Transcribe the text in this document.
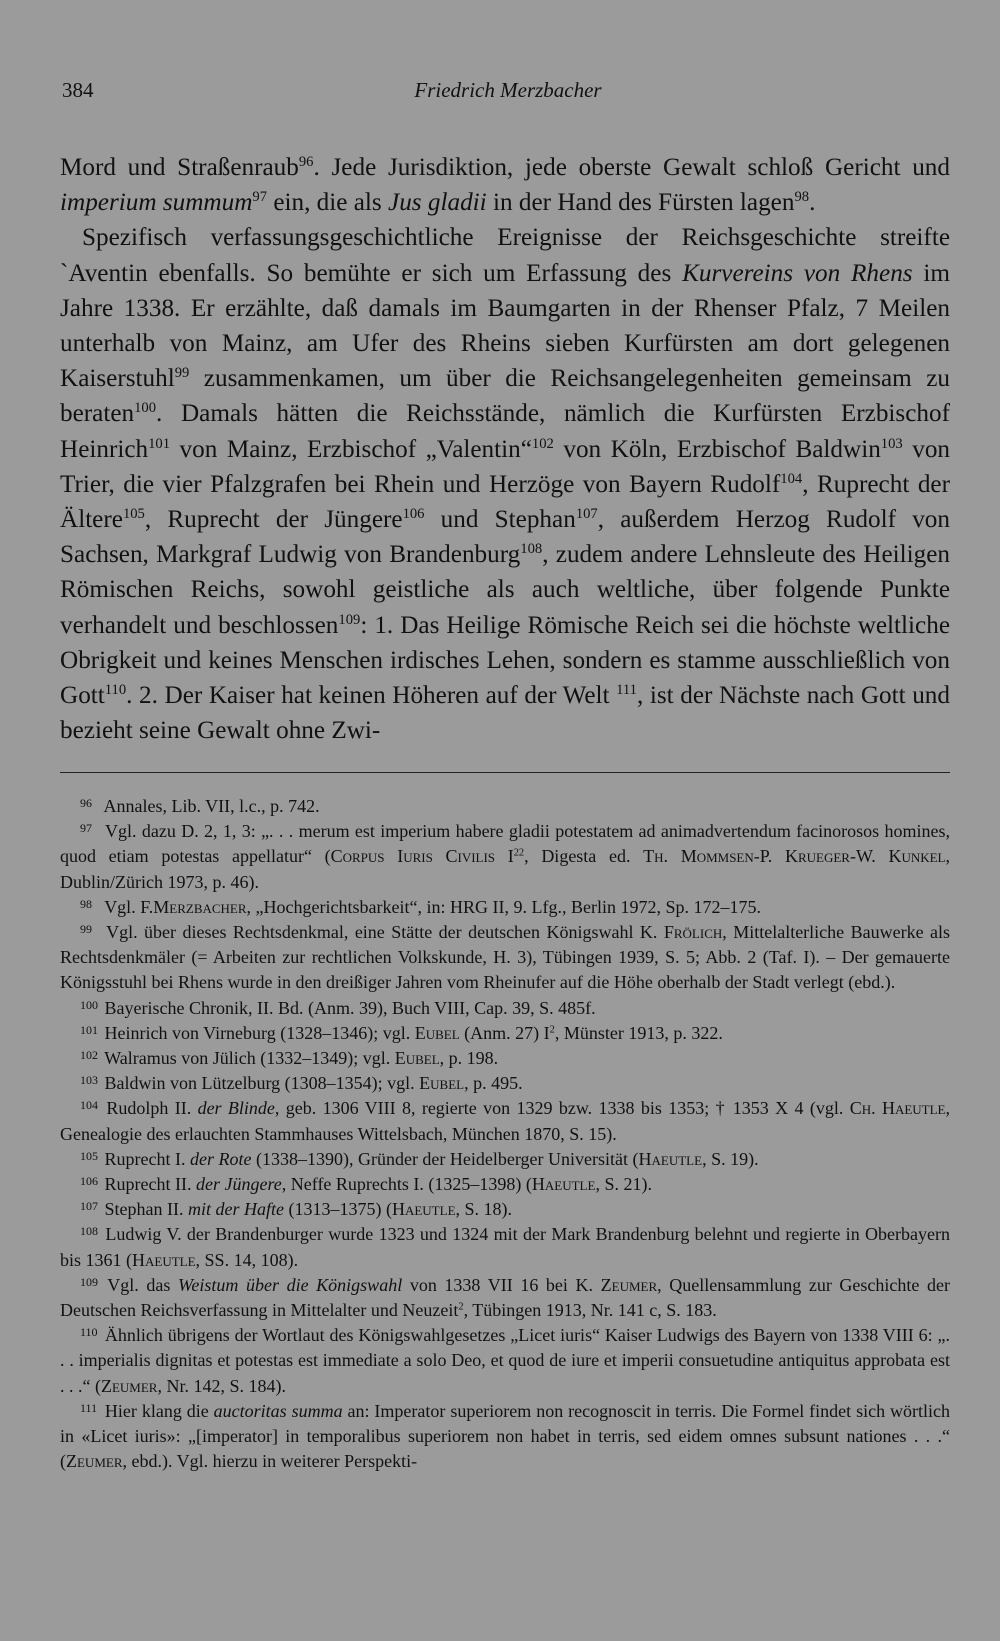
384	Friedrich Merzbacher

Mord und Straßenraub$^{96}$. Jede Jurisdiktion, jede oberste Gewalt schloß Gericht und imperium summum$^{97}$ ein, die als Jus gladii in der Hand des Fürsten lagen$^{98}$.

Spezifisch verfassungsgeschichtliche Ereignisse der Reichsgeschichte streifte `Aventin ebenfalls. So bemühte er sich um Erfassung des Kurvereins von Rhens im Jahre 1338. Er erzählte, daß damals im Baumgarten in der Rhenser Pfalz, 7 Meilen unterhalb von Mainz, am Ufer des Rheins sieben Kurfürsten am dort gelegenen Kaiserstuhl$^{99}$ zusammenkamen, um über die Reichsangelegenheiten gemeinsam zu beraten$^{100}$. Damals hätten die Reichsstände, nämlich die Kurfürsten Erzbischof Heinrich$^{101}$ von Mainz, Erzbischof „Valentin“$^{102}$ von Köln, Erzbischof Baldwin$^{103}$ von Trier, die vier Pfalzgrafen bei Rhein und Herzöge von Bayern Rudolf$^{104}$, Ruprecht der Ältere$^{105}$, Ruprecht der Jüngere$^{106}$ und Stephan$^{107}$, außerdem Herzog Rudolf von Sachsen, Markgraf Ludwig von Brandenburg$^{108}$, zudem andere Lehnsleute des Heiligen Römischen Reichs, sowohl geistliche als auch weltliche, über folgende Punkte verhandelt und beschlossen$^{109}$: 1. Das Heilige Römische Reich sei die höchste weltliche Obrigkeit und keines Menschen irdisches Lehen, sondern es stamme ausschließlich von Gott$^{110}$. 2. Der Kaiser hat keinen Höheren auf der Welt $^{111}$, ist der Nächste nach Gott und bezieht seine Gewalt ohne Zwi-

96 Annales, Lib. VII, l.c., p. 742.

97 Vgl. dazu D. 2, 1, 3: „. . . merum est imperium habere gladii potestatem ad animadvertendum facinorosos homines, quod etiam potestas appellatur“ (Corpus Iuris Civilis $I^{22}$, Digesta ed. Th. Mommsen-P. Krueger-W. Kunkel, Dublin/Zürich 1973, p. 46).

98 Vgl. F.Merzbacher, „Hochgerichtsbarkeit“, in: HRG II, 9. Lfg., Berlin 1972, Sp. 172–175.

99 Vgl. über dieses Rechtsdenkmal, eine Stätte der deutschen Königswahl K. Frölich, Mittelalterliche Bauwerke als Rechtsdenkmäler (= Arbeiten zur rechtlichen Volkskunde, H. 3), Tübingen 1939, S. 5; Abb. 2 (Taf. I). – Der gemauerte Königsstuhl bei Rhens wurde in den dreißiger Jahren vom Rheinufer auf die Höhe oberhalb der Stadt verlegt (ebd.).

100 Bayerische Chronik, II. Bd. (Anm. 39), Buch VIII, Cap. 39, S. 485f.

101 Heinrich von Virneburg (1328–1346); vgl. Eubel (Anm. 27) $I^2$, Münster 1913, p. 322.

102 Walramus von Jülich (1332–1349); vgl. Eubel, p. 198.

103 Baldwin von Lützelburg (1308–1354); vgl. Eubel, p. 495.

104 Rudolph II. der Blinde, geb. 1306 VIII 8, regierte von 1329 bzw. 1338 bis 1353; † 1353 X 4 (vgl. Ch. Haeutle, Genealogie des erlauchten Stammhauses Wittelsbach, München 1870, S. 15).

105 Ruprecht I. der Rote (1338–1390), Gründer der Heidelberger Universität (Haeutle, S. 19).

106 Ruprecht II. der Jüngere, Neffe Ruprechts I. (1325–1398) (Haeutle, S. 21).

107 Stephan II. mit der Hafte (1313–1375) (Haeutle, S. 18).

108 Ludwig V. der Brandenburger wurde 1323 und 1324 mit der Mark Brandenburg belehnt und regierte in Oberbayern bis 1361 (Haeutle, SS. 14, 108).

109 Vgl. das Weistum über die Königswahl von 1338 VII 16 bei K. Zeumer, Quellensammlung zur Geschichte der Deutschen Reichsverfassung in Mittelalter und Neuzeit$^2$, Tübingen 1913, Nr. 141 c, S. 183.

110 Ähnlich übrigens der Wortlaut des Königswahlgesetzes „Licet iuris“ Kaiser Ludwigs des Bayern von 1338 VIII 6: „. . . imperialis dignitas et potestas est immediate a solo Deo, et quod de iure et imperii consuetudine antiquitus approbata est . . .“ (Zeumer, Nr. 142, S. 184).

111 Hier klang die auctoritas summa an: Imperator superiorem non recognoscit in terris. Die Formel findet sich wörtlich in «Licet iuris»: „[imperator] in temporalibus superiorem non habet in terris, sed eidem omnes subsunt nationes . . .“ (Zeumer, ebd.). Vgl. hierzu in weiterer Perspekti-
